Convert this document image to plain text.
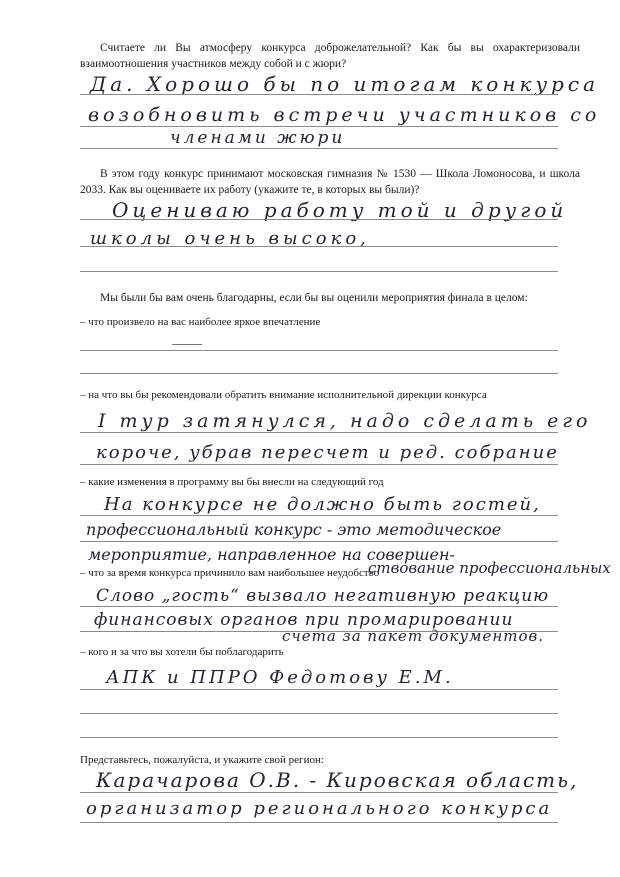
Считаете ли Вы атмосферу конкурса доброжелательной? Как бы вы охарактеризовали взаимоотношения участников между собой и с жюри?

Да. Хорошо бы по итогам конкурса
возобновить встречи участников со
членами жюри

В этом году конкурс принимают московская гимназия № 1530 — Школа Ломоносова, и школа 2033. Как вы оцениваете их работу (укажите те, в которых вы были)?

Оцениваю работу той и другой
школы очень высоко,

Мы были бы вам очень благодарны, если бы вы оценили мероприятия финала в целом:

– что произвело на вас наиболее яркое впечатление
– на что вы бы рекомендовали обратить внимание исполнительной дирекции конкурса
I тур затянулся, надо сделать его
короче, убрав пересчет и ред. собрание
– какие изменения в программу вы бы внесли на следующий год
На конкурсе не должно быть гостей,
профессиональный конкурс - это методическое
мероприятие, направленное на совершен-
ствование профессиональных
– что за время конкурса причинило вам наибольшее неудобство
Слово „гость“ вызвало негативную реакцию
финансовых органов при промарировании
счета за пакет документов.
– кого и за что вы хотели бы поблагодарить
АПК и ППРО Федотову Е.М.
Представьтесь, пожалуйста, и укажите свой регион:
Карачарова О.В. - Кировская область,
организатор регионального конкурса
